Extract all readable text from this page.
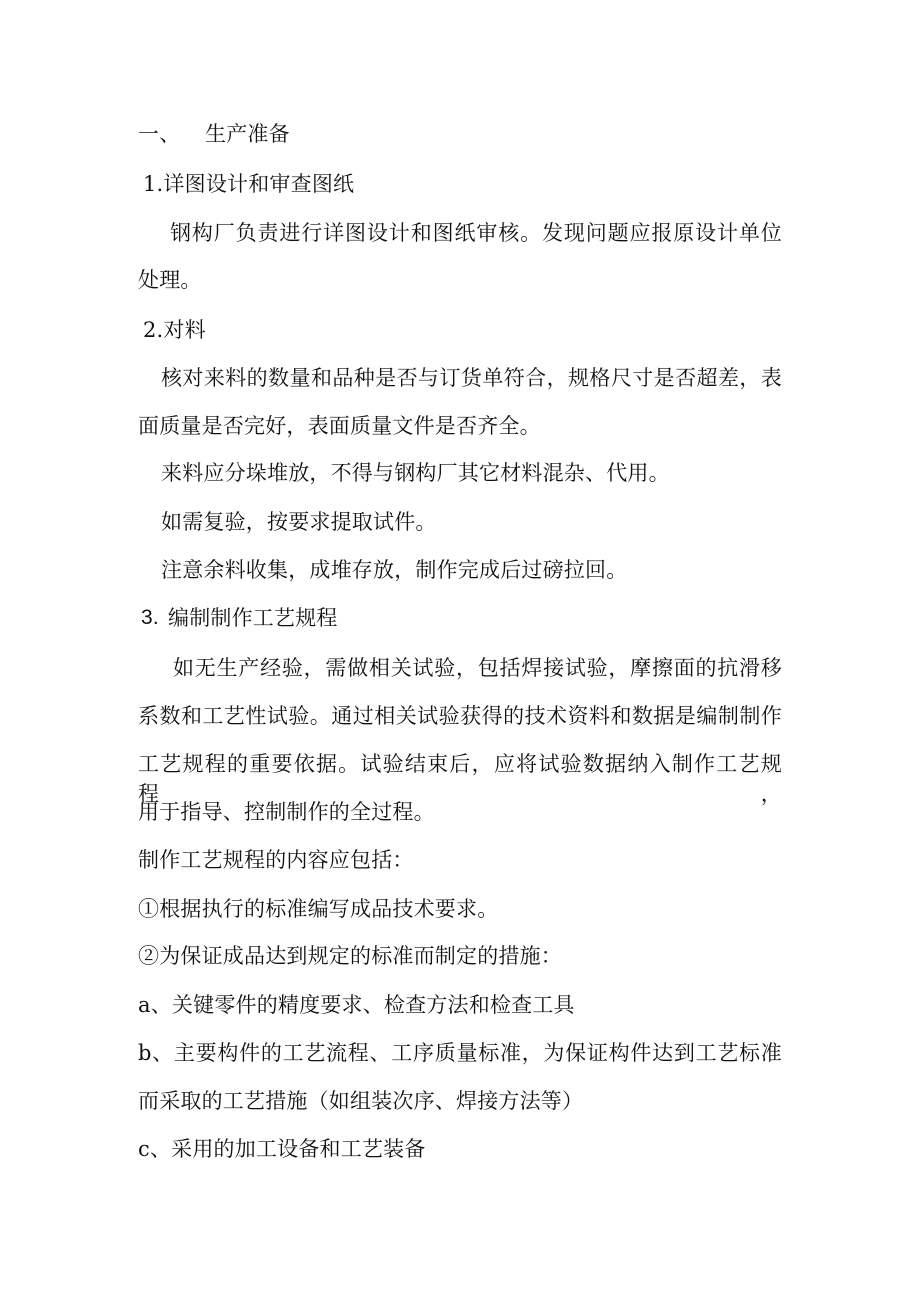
一、 生产准备
1.详图设计和审查图纸
钢构厂负责进行详图设计和图纸审核。发现问题应报原设计单位
处理。
2.对料
核对来料的数量和品种是否与订货单符合，规格尺寸是否超差，表
面质量是否完好，表面质量文件是否齐全。
来料应分垛堆放，不得与钢构厂其它材料混杂、代用。
如需复验，按要求提取试件。
注意余料收集，成堆存放，制作完成后过磅拉回。
3. 编制制作工艺规程
如无生产经验，需做相关试验，包括焊接试验，摩擦面的抗滑移
系数和工艺性试验。通过相关试验获得的技术资料和数据是编制制作
工艺规程的重要依据。试验结束后，应将试验数据纳入制作工艺规程，
用于指导、控制制作的全过程。
制作工艺规程的内容应包括：
①根据执行的标准编写成品技术要求。
②为保证成品达到规定的标准而制定的措施：
a、关键零件的精度要求、检查方法和检查工具
b、主要构件的工艺流程、工序质量标准，为保证构件达到工艺标准
而采取的工艺措施（如组装次序、焊接方法等）
c、采用的加工设备和工艺装备
